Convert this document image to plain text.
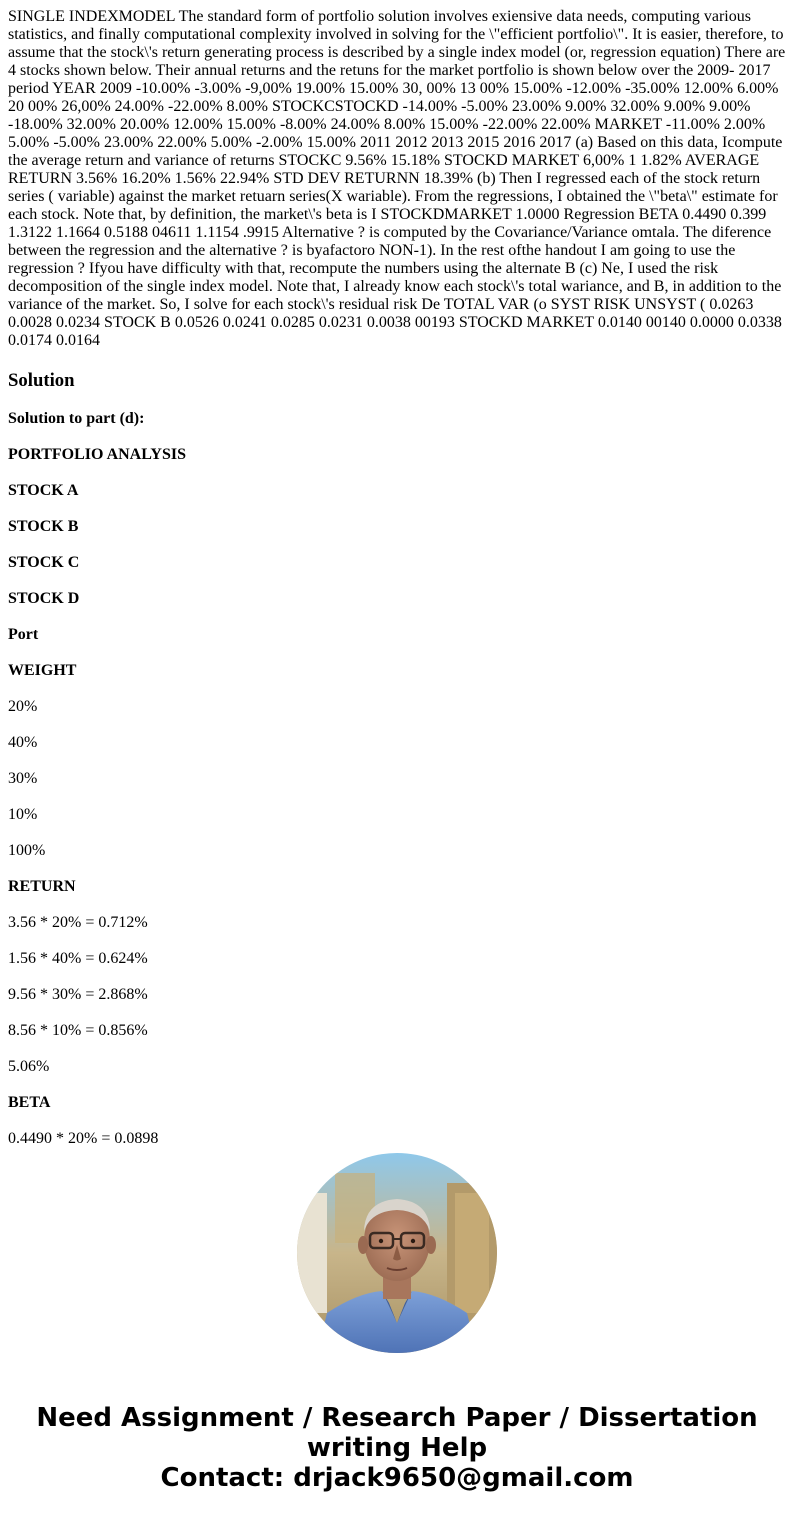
SINGLE INDEXMODEL The standard form of portfolio solution involves exiensive data needs, computing various statistics, and finally computational complexity involved in solving for the \"efficient portfolio\". It is easier, therefore, to assume that the stock\'s return generating process is described by a single index model (or, regression equation) There are 4 stocks shown below. Their annual returns and the retuns for the market portfolio is shown below over the 2009- 2017 period YEAR 2009 -10.00% -3.00% -9,00% 19.00% 15.00% 30, 00% 13 00% 15.00% -12.00% -35.00% 12.00% 6.00% 20 00% 26,00% 24.00% -22.00% 8.00% STOCKCSTOCKD -14.00% -5.00% 23.00% 9.00% 32.00% 9.00% 9.00% -18.00% 32.00% 20.00% 12.00% 15.00% -8.00% 24.00% 8.00% 15.00% -22.00% 22.00% MARKET -11.00% 2.00% 5.00% -5.00% 23.00% 22.00% 5.00% -2.00% 15.00% 2011 2012 2013 2015 2016 2017 (a) Based on this data, Icompute the average return and variance of returns STOCKC 9.56% 15.18% STOCKD MARKET 6,00% 1 1.82% AVERAGE RETURN 3.56% 16.20% 1.56% 22.94% STD DEV RETURNN 18.39% (b) Then I regressed each of the stock return series ( variable) against the market retuarn series(X wariable). From the regressions, I obtained the \"beta\" estimate for each stock. Note that, by definition, the market\'s beta is I STOCKDMARKET 1.0000 Regression BETA 0.4490 0.399 1.3122 1.1664 0.5188 04611 1.1154 .9915 Alternative ? is computed by the Covariance/Variance omtala. The diference between the regression and the alternative ? is byafactoro NON-1). In the rest ofthe handout I am going to use the regression ? Ifyou have difficulty with that, recompute the numbers using the alternate B (c) Ne, I used the risk decomposition of the single index model. Note that, I already know each stock\'s total wariance, and B, in addition to the variance of the market. So, I solve for each stock\'s residual risk De TOTAL VAR (o SYST RISK UNSYST ( 0.0263 0.0028 0.0234 STOCK B 0.0526 0.0241 0.0285 0.0231 0.0038 00193 STOCKD MARKET 0.0140 00140 0.0000 0.0338 0.0174 0.0164

Solution

Solution to part (d):

PORTFOLIO ANALYSIS

STOCK A

STOCK B

STOCK C

STOCK D

Port

WEIGHT

20%

40%

30%

10%

100%

RETURN

3.56 * 20% = 0.712%

1.56 * 40% = 0.624%

9.56 * 30% = 2.868%

8.56 * 10% = 0.856%

5.06%

BETA

0.4490 * 20% = 0.0898

Need Assignment / Research Paper / Dissertation
writing Help
Contact: drjack9650@gmail.com
